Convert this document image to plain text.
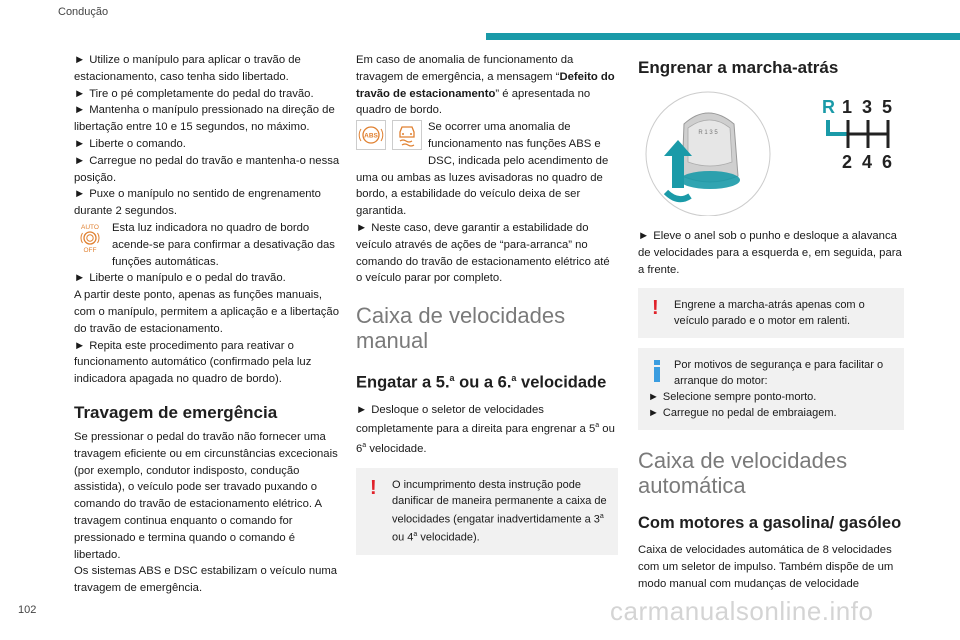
Condução

► Utilize o manípulo para aplicar o travão de estacionamento, caso tenha sido libertado.

► Tire o pé completamente do pedal do travão.

► Mantenha o manípulo pressionado na direção de libertação entre 10 e 15 segundos, no máximo.

► Liberte o comando.

► Carregue no pedal do travão e mantenha-o nessa posição.

► Puxe o manípulo no sentido de engrenamento durante 2 segundos.

AUTO
OFF
Esta luz indicadora no quadro de bordo acende-se para confirmar a desativação das funções automáticas.

► Liberte o manípulo e o pedal do travão.

A partir deste ponto, apenas as funções manuais, com o manípulo, permitem a aplicação e a libertação do travão de estacionamento.

► Repita este procedimento para reativar o funcionamento automático (confirmado pela luz indicadora apagada no quadro de bordo).

Travagem de emergência

Se pressionar o pedal do travão não fornecer uma travagem eficiente ou em circunstâncias excecionais (por exemplo, condutor indisposto, condução assistida), o veículo pode ser travado puxando o comando do travão de estacionamento elétrico. A travagem continua enquanto o comando for pressionado e termina quando o comando é libertado.

Os sistemas ABS e DSC estabilizam o veículo numa travagem de emergência.

Em caso de anomalia de funcionamento da travagem de emergência, a mensagem “Defeito do travão de estacionamento” é apresentada no quadro de bordo.

ABS
Se ocorrer uma anomalia de funcionamento nas funções ABS e DSC, indicada pelo acendimento de uma ou ambas as luzes avisadoras no quadro de bordo, a estabilidade do veículo deixa de ser garantida.

► Neste caso, deve garantir a estabilidade do veículo através de ações de “para-arranca” no comando do travão de estacionamento elétrico até o veículo parar por completo.

Caixa de velocidades manual
Engatar a 5.$^a$ ou a 6.$^a$ velocidade

► Desloque o seletor de velocidades completamente para a direita para engrenar a 5$^a$ ou 6$^a$ velocidade.

!	O incumprimento desta instrução pode danificar de maneira permanente a caixa de velocidades (engatar inadvertidamente a 3$^a$ ou 4$^a$ velocidade).

Engrenar a marcha-atrás
R 1 3 5
R 1 3 5
2 4 6

► Eleve o anel sob o punho e desloque a alavanca de velocidades para a esquerda e, em seguida, para a frente.

!	Engrene a marcha-atrás apenas com o veículo parado e o motor em ralenti.

Por motivos de segurança e para facilitar o arranque do motor:

► Selecione sempre ponto-morto.

► Carregue no pedal de embraiagem.

Caixa de velocidades automática
Com motores a gasolina/ gasóleo

Caixa de velocidades automática de 8 velocidades com um seletor de impulso. Também dispõe de um modo manual com mudanças de velocidade

102	carmanualsonline.info
